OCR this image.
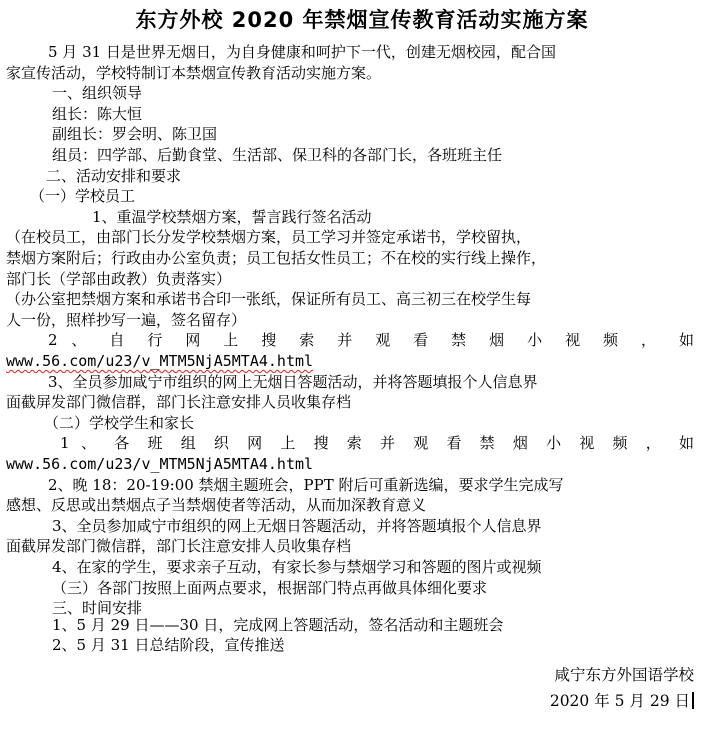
东方外校 2020 年禁烟宣传教育活动实施方案
5 月 31 日是世界无烟日，为自身健康和呵护下一代，创建无烟校园，配合国
家宣传活动，学校特制订本禁烟宣传教育活动实施方案。
一、组织领导
组长：陈大恒
副组长：罗会明、陈卫国
组员：四学部、后勤食堂、生活部、保卫科的各部门长，各班班主任
二、活动安排和要求
（一）学校员工
1、重温学校禁烟方案，誓言践行签名活动
（在校员工，由部门长分发学校禁烟方案，员工学习并签定承诺书，学校留执，
禁烟方案附后；行政由办公室负责；员工包括女性员工；不在校的实行线上操作，
部门长（学部由政教）负责落实）
（办公室把禁烟方案和承诺书合印一张纸，保证所有员工、高三初三在校学生每
人一份，照样抄写一遍，签名留存）
2 、 自 行 网 上 搜 索 并 观 看 禁 烟 小 视 频 ， 如
www.56.com/u23/v_MTM5NjA5MTA4.html
3、全员参加咸宁市组织的网上无烟日答题活动，并将答题填报个人信息界
面截屏发部门微信群，部门长注意安排人员收集存档
（二）学校学生和家长
1 、 各 班 组 织 网 上 搜 索 并 观 看 禁 烟 小 视 频 ， 如
www.56.com/u23/v_MTM5NjA5MTA4.html
2、晚 18：20-19:00 禁烟主题班会，PPT 附后可重新选编，要求学生完成写
感想、反思或出禁烟点子当禁烟使者等活动，从而加深教育意义
3、全员参加咸宁市组织的网上无烟日答题活动，并将答题填报个人信息界
面截屏发部门微信群，部门长注意安排人员收集存档
4、在家的学生，要求亲子互动，有家长参与禁烟学习和答题的图片或视频
（三）各部门按照上面两点要求，根据部门特点再做具体细化要求
三、时间安排
1、5 月 29 日——30 日，完成网上答题活动，签名活动和主题班会
2、5 月 31 日总结阶段，宣传推送
咸宁东方外国语学校
2020 年 5 月 29 日
